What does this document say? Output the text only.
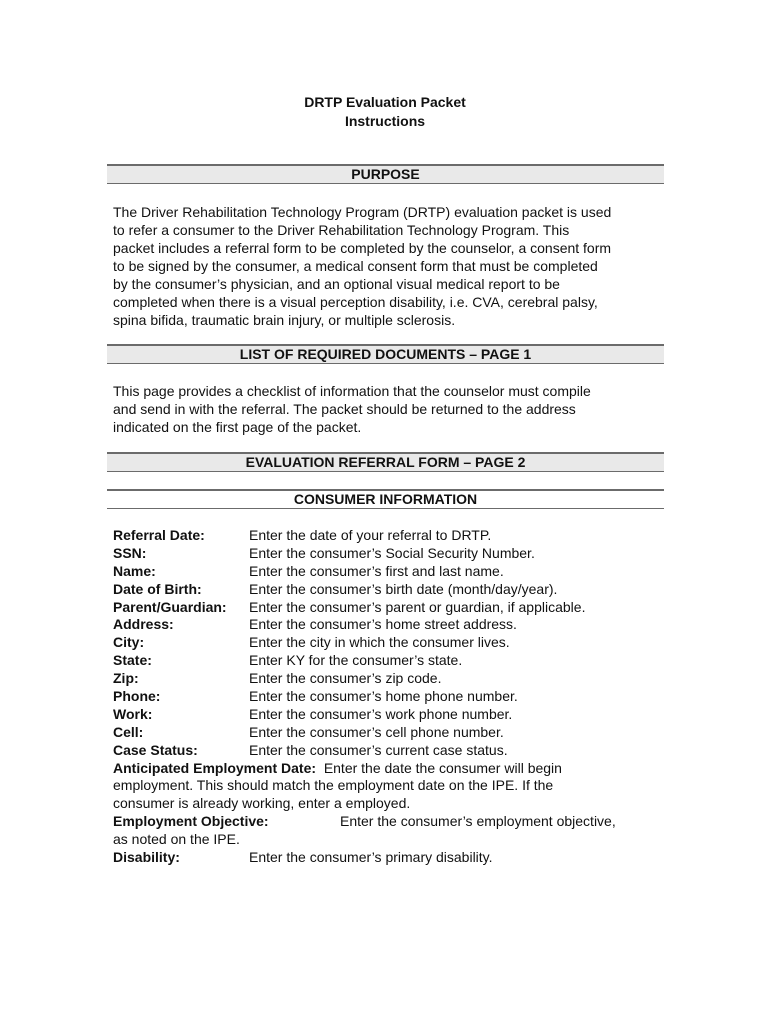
DRTP Evaluation Packet
Instructions
PURPOSE
The Driver Rehabilitation Technology Program (DRTP) evaluation packet is used
to refer a consumer to the Driver Rehabilitation Technology Program. This
packet includes a referral form to be completed by the counselor, a consent form
to be signed by the consumer, a medical consent form that must be completed
by the consumer’s physician, and an optional visual medical report to be
completed when there is a visual perception disability, i.e. CVA, cerebral palsy,
spina bifida, traumatic brain injury, or multiple sclerosis.
LIST OF REQUIRED DOCUMENTS – PAGE 1
This page provides a checklist of information that the counselor must compile
and send in with the referral. The packet should be returned to the address
indicated on the first page of the packet.
EVALUATION REFERRAL FORM – PAGE 2
CONSUMER INFORMATION
Referral Date:	Enter the date of your referral to DRTP.
SSN:	Enter the consumer’s Social Security Number.
Name:	Enter the consumer’s first and last name.
Date of Birth:	Enter the consumer’s birth date (month/day/year).
Parent/Guardian: Enter the consumer’s parent or guardian, if applicable.
Address:	Enter the consumer’s home street address.
City:	Enter the city in which the consumer lives.
State:	Enter KY for the consumer’s state.
Zip:	Enter the consumer’s zip code.
Phone:	Enter the consumer’s home phone number.
Work:	Enter the consumer’s work phone number.
Cell:	Enter the consumer’s cell phone number.
Case Status:	Enter the consumer’s current case status.
Anticipated Employment Date: Enter the date the consumer will begin
employment. This should match the employment date on the IPE. If the
consumer is already working, enter a employed.
Employment Objective:	Enter the consumer’s employment objective,
as noted on the IPE.
Disability:	Enter the consumer’s primary disability.
